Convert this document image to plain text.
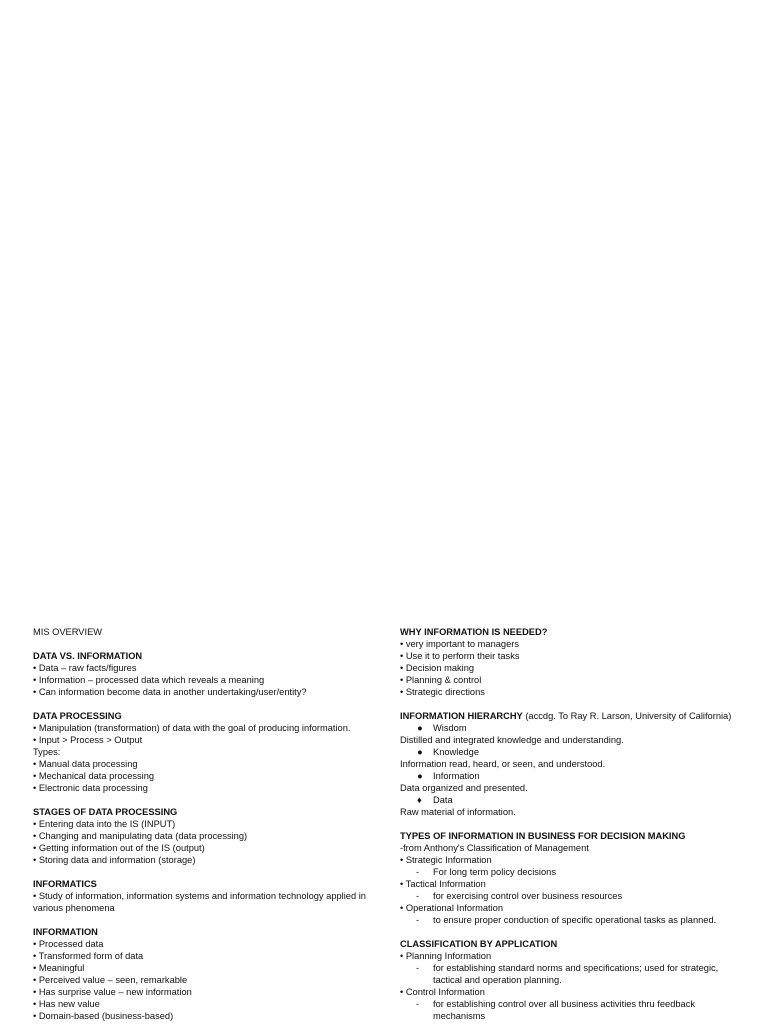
MIS OVERVIEW
DATA VS. INFORMATION
• Data – raw facts/figures
• Information – processed data which reveals a meaning
• Can information become data in another undertaking/user/entity?
DATA PROCESSING
• Manipulation (transformation) of data with the goal of producing information.
• Input > Process > Output
Types:
• Manual data processing
• Mechanical data processing
• Electronic data processing
STAGES OF DATA PROCESSING
• Entering data into the IS (INPUT)
• Changing and manipulating data (data processing)
• Getting information out of the IS (output)
• Storing data and information (storage)
INFORMATICS
• Study of information, information systems and information technology applied in various phenomena
INFORMATION
• Processed data
• Transformed form of data
• Meaningful
• Perceived value – seen, remarkable
• Has surprise value – new information
• Has new value
• Domain-based (business-based)
WHY INFORMATION IS NEEDED?
• very important to managers
• Use it to perform their tasks
• Decision making
• Planning & control
• Strategic directions
INFORMATION HIERARCHY (accdg. To Ray R. Larson, University of California)
● Wisdom
Distilled and integrated knowledge and understanding.
● Knowledge
Information read, heard, or seen, and understood.
● Information
Data organized and presented.
♦ Data
Raw material of information.
TYPES OF INFORMATION IN BUSINESS FOR DECISION MAKING
-from Anthony's Classification of Management
• Strategic Information
- For long term policy decisions
• Tactical Information
- for exercising control over business resources
• Operational Information
- to ensure proper conduction of specific operational tasks as planned.
CLASSIFICATION BY APPLICATION
• Planning Information
- for establishing standard norms and specifications; used for strategic, tactical and operation planning.
• Control Information
- for establishing control over all business activities thru feedback mechanisms
